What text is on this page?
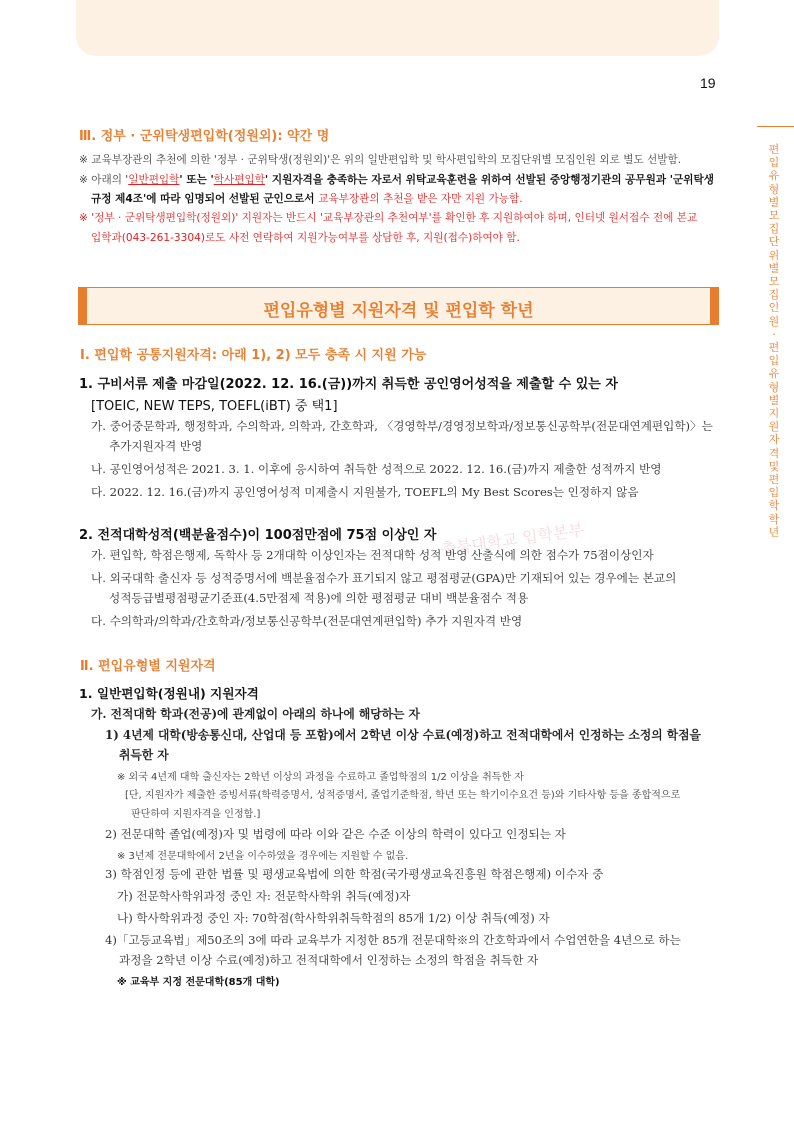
19
편입유형별 모집단위별 모집인원 · 편입유형별 지원자격 및 편입학 학년
Ⅲ. 정부 · 군위탁생편입학(정원외): 약간 명
※ 교육부장관의 추천에 의한 '정부 · 군위탁생(정원외)'은 위의 일반편입학 및 학사편입학의 모집단위별 모집인원 외로 별도 선발함.
※ 아래의 '일반편입학' 또는 '학사편입학' 지원자격을 충족하는 자로서 위탁교육훈련을 위하여 선발된 중앙행정기관의 공무원과 '군위탁생
규정 제4조'에 따라 임명되어 선발된 군인으로서 교육부장관의 추천을 받은 자만 지원 가능함.
※ '정부 · 군위탁생편입학(정원외)' 지원자는 반드시 '교육부장관의 추천여부'를 확인한 후 지원하여야 하며, 인터넷 원서접수 전에 본교
입학과(043-261-3304)로도 사전 연락하여 지원가능여부를 상담한 후, 지원(접수)하여야 함.
편입유형별 지원자격 및 편입학 학년
Ⅰ. 편입학 공통지원자격: 아래 1), 2) 모두 충족 시 지원 가능
1. 구비서류 제출 마감일(2022. 12. 16.(금))까지 취득한 공인영어성적을 제출할 수 있는 자
[TOEIC, NEW TEPS, TOEFL(iBT) 중 택1]
가. 중어중문학과, 행정학과, 수의학과, 의학과, 간호학과, 〈경영학부/경영정보학과/정보통신공학부(전문대연계편입학)〉는
추가지원자격 반영
나. 공인영어성적은 2021. 3. 1. 이후에 응시하여 취득한 성적으로 2022. 12. 16.(금)까지 제출한 성적까지 반영
다. 2022. 12. 16.(금)까지 공인영어성적 미제출시 지원불가, TOEFL의 My Best Scores는 인정하지 않음
2. 전적대학성적(백분율점수)이 100점만점에 75점 이상인 자 충북대학교 입학본부
가. 편입학, 학점은행제, 독학사 등 2개대학 이상인자는 전적대학 성적 반영 산출식에 의한 점수가 75점이상인자
나. 외국대학 출신자 등 성적증명서에 백분율점수가 표기되지 않고 평점평균(GPA)만 기재되어 있는 경우에는 본교의
성적등급별평점평균기준표(4.5만점제 적용)에 의한 평점평균 대비 백분율점수 적용
다. 수의학과/의학과/간호학과/정보통신공학부(전문대연계편입학) 추가 지원자격 반영
Ⅱ. 편입유형별 지원자격
1. 일반편입학(정원내) 지원자격
가. 전적대학 학과(전공)에 관계없이 아래의 하나에 해당하는 자
1) 4년제 대학(방송통신대, 산업대 등 포함)에서 2학년 이상 수료(예정)하고 전적대학에서 인정하는 소정의 학점을
취득한 자
※ 외국 4년제 대학 출신자는 2학년 이상의 과정을 수료하고 졸업학점의 1/2 이상을 취득한 자
[단, 지원자가 제출한 증빙서류(학력증명서, 성적증명서, 졸업기준학점, 학년 또는 학기이수요건 등)와 기타사항 등을 종합적으로
판단하여 지원자격을 인정함.]
2) 전문대학 졸업(예정)자 및 법령에 따라 이와 같은 수준 이상의 학력이 있다고 인정되는 자
※ 3년제 전문대학에서 2년을 이수하였을 경우에는 지원할 수 없음.
3) 학점인정 등에 관한 법률 및 평생교육법에 의한 학점(국가평생교육진흥원 학점은행제) 이수자 중
가) 전문학사학위과정 중인 자: 전문학사학위 취득(예정)자
나) 학사학위과정 중인 자: 70학점(학사학위취득학점의 85개 1/2) 이상 취득(예정) 자
4)「고등교육법」제50조의 3에 따라 교육부가 지정한 85개 전문대학※의 간호학과에서 수업연한을 4년으로 하는
과정을 2학년 이상 수료(예정)하고 전적대학에서 인정하는 소정의 학점을 취득한 자
※ 교육부 지정 전문대학(85개 대학)
